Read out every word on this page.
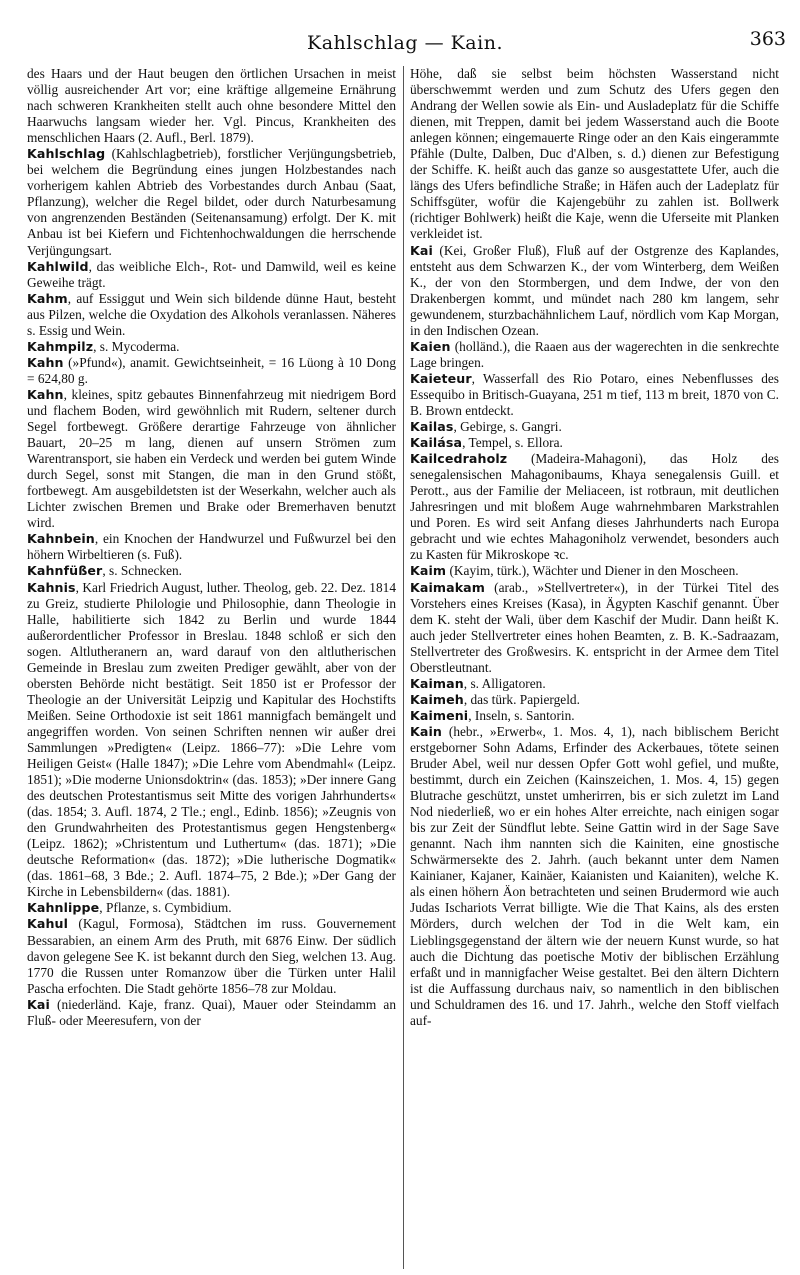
Kahlschlag — Kain.	363

des Haars und der Haut beugen den örtlichen Ursachen in meist völlig ausreichender Art vor; eine kräftige allgemeine Ernährung nach schweren Krankheiten stellt auch ohne besondere Mittel den Haarwuchs langsam wieder her. Vgl. Pincus, Krankheiten des menschlichen Haars (2. Aufl., Berl. 1879).

Kahlschlag (Kahlschlagbetrieb), forstlicher Verjüngungsbetrieb, bei welchem die Begründung eines jungen Holzbestandes nach vorherigem kahlen Abtrieb des Vorbestandes durch Anbau (Saat, Pflanzung), welcher die Regel bildet, oder durch Naturbesamung von angrenzenden Beständen (Seitenansamung) erfolgt. Der K. mit Anbau ist bei Kiefern und Fichtenhochwaldungen die herrschende Verjüngungsart.

Kahlwild, das weibliche Elch-, Rot- und Damwild, weil es keine Geweihe trägt.

Kahm, auf Essiggut und Wein sich bildende dünne Haut, besteht aus Pilzen, welche die Oxydation des Alkohols veranlassen. Näheres s. Essig und Wein.

Kahmpilz, s. Mycoderma.

Kahn (»Pfund«), anamit. Gewichtseinheit, = 16 Lüong à 10 Dong = 624,80 g.

Kahn, kleines, spitz gebautes Binnenfahrzeug mit niedrigem Bord und flachem Boden, wird gewöhnlich mit Rudern, seltener durch Segel fortbewegt. Größere derartige Fahrzeuge von ähnlicher Bauart, 20–25 m lang, dienen auf unsern Strömen zum Warentransport, sie haben ein Verdeck und werden bei gutem Winde durch Segel, sonst mit Stangen, die man in den Grund stößt, fortbewegt. Am ausgebildetsten ist der Weserkahn, welcher auch als Lichter zwischen Bremen und Brake oder Bremerhaven benutzt wird.

Kahnbein, ein Knochen der Handwurzel und Fußwurzel bei den höhern Wirbeltieren (s. Fuß).

Kahnfüßer, s. Schnecken.

Kahnis, Karl Friedrich August, luther. Theolog, geb. 22. Dez. 1814 zu Greiz, studierte Philologie und Philosophie, dann Theologie in Halle, habilitierte sich 1842 zu Berlin und wurde 1844 außerordentlicher Professor in Breslau. 1848 schloß er sich den sogen. Altlutheranern an, ward darauf von den altlutherischen Gemeinde in Breslau zum zweiten Prediger gewählt, aber von der obersten Behörde nicht bestätigt. Seit 1850 ist er Professor der Theologie an der Universität Leipzig und Kapitular des Hochstifts Meißen. Seine Orthodoxie ist seit 1861 mannigfach bemängelt und angegriffen worden. Von seinen Schriften nennen wir außer drei Sammlungen »Predigten« (Leipz. 1866–77): »Die Lehre vom Heiligen Geist« (Halle 1847); »Die Lehre vom Abendmahl« (Leipz. 1851); »Die moderne Unionsdoktrin« (das. 1853); »Der innere Gang des deutschen Protestantismus seit Mitte des vorigen Jahrhunderts« (das. 1854; 3. Aufl. 1874, 2 Tle.; engl., Edinb. 1856); »Zeugnis von den Grundwahrheiten des Protestantismus gegen Hengstenberg« (Leipz. 1862); »Christentum und Luthertum« (das. 1871); »Die deutsche Reformation« (das. 1872); »Die lutherische Dogmatik« (das. 1861–68, 3 Bde.; 2. Aufl. 1874–75, 2 Bde.); »Der Gang der Kirche in Lebensbildern« (das. 1881).

Kahnlippe, Pflanze, s. Cymbidium.

Kahul (Kagul, Formosa), Städtchen im russ. Gouvernement Bessarabien, an einem Arm des Pruth, mit 6876 Einw. Der südlich davon gelegene See K. ist bekannt durch den Sieg, welchen 13. Aug. 1770 die Russen unter Romanzow über die Türken unter Halil Pascha erfochten. Die Stadt gehörte 1856–78 zur Moldau.

Kai (niederländ. Kaje, franz. Quai), Mauer oder Steindamm an Fluß- oder Meeresufern, von der

Höhe, daß sie selbst beim höchsten Wasserstand nicht überschwemmt werden und zum Schutz des Ufers gegen den Andrang der Wellen sowie als Ein- und Ausladeplatz für die Schiffe dienen, mit Treppen, damit bei jedem Wasserstand auch die Boote anlegen können; eingemauerte Ringe oder an den Kais eingerammte Pfähle (Dulte, Dalben, Duc d'Alben, s. d.) dienen zur Befestigung der Schiffe. K. heißt auch das ganze so ausgestattete Ufer, auch die längs des Ufers befindliche Straße; in Häfen auch der Ladeplatz für Schiffsgüter, wofür die Kajengebühr zu zahlen ist. Bollwerk (richtiger Bohlwerk) heißt die Kaje, wenn die Uferseite mit Planken verkleidet ist.

Kai (Kei, Großer Fluß), Fluß auf der Ostgrenze des Kaplandes, entsteht aus dem Schwarzen K., der vom Winterberg, dem Weißen K., der von den Stormbergen, und dem Indwe, der von den Drakenbergen kommt, und mündet nach 280 km langem, sehr gewundenem, sturzbachähnlichem Lauf, nördlich vom Kap Morgan, in den Indischen Ozean.

Kaien (holländ.), die Raaen aus der wagerechten in die senkrechte Lage bringen.

Kaieteur, Wasserfall des Rio Potaro, eines Nebenflusses des Essequibo in Britisch-Guayana, 251 m tief, 113 m breit, 1870 von C. B. Brown entdeckt.

Kailas, Gebirge, s. Gangri.

Kailása, Tempel, s. Ellora.

Kailcedraholz (Madeira-Mahagoni), das Holz des senegalensischen Mahagonibaums, Khaya senegalensis Guill. et Perott., aus der Familie der Meliaceen, ist rotbraun, mit deutlichen Jahresringen und mit bloßem Auge wahrnehmbaren Markstrahlen und Poren. Es wird seit Anfang dieses Jahrhunderts nach Europa gebracht und wie echtes Mahagoniholz verwendet, besonders auch zu Kasten für Mikroskope ꝛc.

Kaim (Kayim, türk.), Wächter und Diener in den Moscheen.

Kaimakam (arab., »Stellvertreter«), in der Türkei Titel des Vorstehers eines Kreises (Kasa), in Ägypten Kaschif genannt. Über dem K. steht der Wali, über dem Kaschif der Mudir. Dann heißt K. auch jeder Stellvertreter eines hohen Beamten, z. B. K.-Sadraazam, Stellvertreter des Großwesirs. K. entspricht in der Armee dem Titel Oberstleutnant.

Kaiman, s. Alligatoren.

Kaimeh, das türk. Papiergeld.

Kaimeni, Inseln, s. Santorin.

Kain (hebr., »Erwerb«, 1. Mos. 4, 1), nach biblischem Bericht erstgeborner Sohn Adams, Erfinder des Ackerbaues, tötete seinen Bruder Abel, weil nur dessen Opfer Gott wohl gefiel, und mußte, bestimmt, durch ein Zeichen (Kainszeichen, 1. Mos. 4, 15) gegen Blutrache geschützt, unstet umherirren, bis er sich zuletzt im Land Nod niederließ, wo er ein hohes Alter erreichte, nach einigen sogar bis zur Zeit der Sündflut lebte. Seine Gattin wird in der Sage Save genannt. Nach ihm nannten sich die Kainiten, eine gnostische Schwärmersekte des 2. Jahrh. (auch bekannt unter dem Namen Kainianer, Kajaner, Kainäer, Kaianisten und Kaianiten), welche K. als einen höhern Äon betrachteten und seinen Brudermord wie auch Judas Ischariots Verrat billigte. Wie die That Kains, als des ersten Mörders, durch welchen der Tod in die Welt kam, ein Lieblingsgegenstand der ältern wie der neuern Kunst wurde, so hat auch die Dichtung das poetische Motiv der biblischen Erzählung erfaßt und in mannigfacher Weise gestaltet. Bei den ältern Dichtern ist die Auffassung durchaus naiv, so namentlich in den biblischen und Schuldramen des 16. und 17. Jahrh., welche den Stoff vielfach auf-
